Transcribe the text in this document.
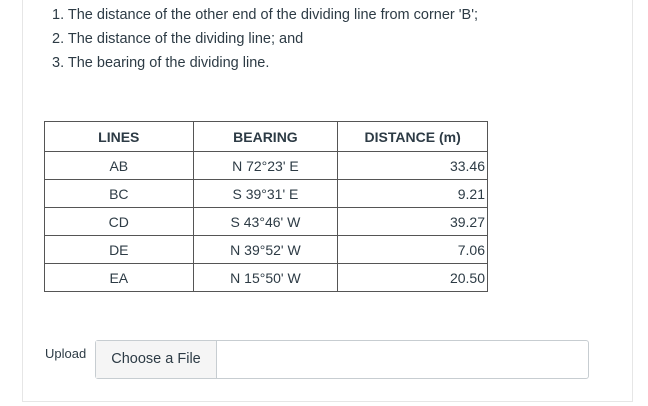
1. The distance of the other end of the dividing line from corner 'B';
2. The distance of the dividing line; and
3. The bearing of the dividing line.
LINES	BEARING	DISTANCE (m)
AB	N 72°23' E	33.46
BC	S 39°31' E	9.21
CD	S 43°46' W	39.27
DE	N 39°52' W	7.06
EA	N 15°50' W	20.50
Upload	Choose a File
